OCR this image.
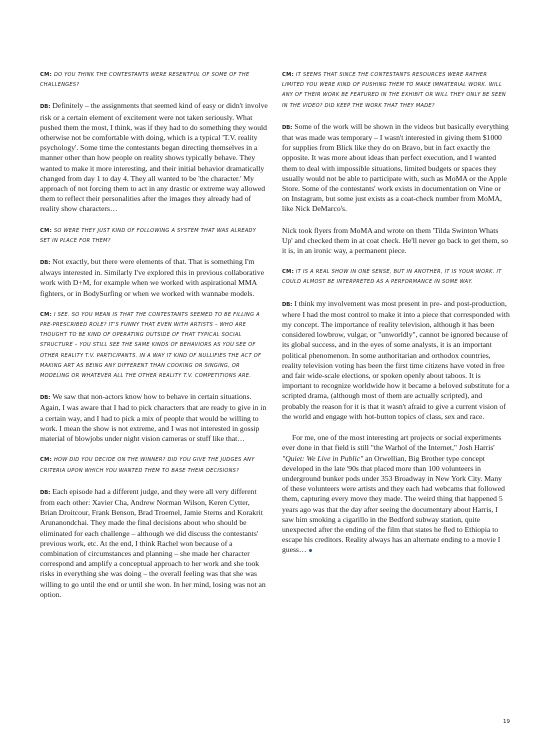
CM: DO YOU THINK THE CONTESTANTS WERE RESENTFUL OF SOME OF THE CHALLENGES?

DB: Definitely – the assignments that seemed kind of easy or didn't involve risk or a certain element of excitement were not taken seriously. What pushed them the most, I think, was if they had to do something they would otherwise not be comfortable with doing, which is a typical 'T.V. reality psychology'. Some time the contestants began directing themselves in a manner other than how people on reality shows typically behave. They wanted to make it more interesting, and their initial behavior dramatically changed from day 1 to day 4. They all wanted to be 'the character.' My approach of not forcing them to act in any drastic or extreme way allowed them to reflect their personalities after the images they already had of reality show characters…

CM: SO WERE THEY JUST KIND OF FOLLOWING A SYSTEM THAT WAS ALREADY SET IN PLACE FOR THEM?

DB: Not exactly, but there were elements of that. That is something I'm always interested in. Similarly I've explored this in previous collaborative work with D+M, for example when we worked with aspirational MMA fighters, or in BodySurfing or when we worked with wannabe models.

CM: I SEE. SO YOU MEAN IS THAT THE CONTESTANTS SEEMED TO BE FILLING A PRE-PRESCRIBED ROLE? IT'S FUNNY THAT EVEN WITH ARTISTS – WHO ARE THOUGHT TO BE KIND OF OPERATING OUTSIDE OF THAT TYPICAL SOCIAL STRUCTURE – YOU STILL SEE THE SAME KINDS OF BEHAVIORS AS YOU SEE OF OTHER REALITY T.V. PARTICIPANTS. IN A WAY IT KIND OF NULLIFIES THE ACT OF MAKING ART AS BEING ANY DIFFERENT THAN COOKING OR SINGING, OR MODELING OR WHATEVER ALL THE OTHER REALITY T.V. COMPETITIONS ARE.

DB: We saw that non-actors know how to behave in certain situations. Again, I was aware that I had to pick characters that are ready to give in in a certain way, and I had to pick a mix of people that would be willing to work. I mean the show is not extreme, and I was not interested in gossip material of blowjobs under night vision cameras or stuff like that…

CM: HOW DID YOU DECIDE ON THE WINNER? DID YOU GIVE THE JUDGES ANY CRITERIA UPON WHICH YOU WANTED THEM TO BASE THEIR DECISIONS?

DB: Each episode had a different judge, and they were all very different from each other: Xavier Cha, Andrew Norman Wilson, Keren Cytter, Brian Droitcour, Frank Benson, Brad Troemel, Jamie Sterns and Korakrit Arunanondchai. They made the final decisions about who should be eliminated for each challenge – although we did discuss the contestants' previous work, etc. At the end, I think Rachel won because of a combination of circumstances and planning – she made her character correspond and amplify a conceptual approach to her work and she took risks in everything she was doing – the overall feeling was that she was willing to go until the end or until she won. In her mind, losing was not an option.

CM: IT SEEMS THAT SINCE THE CONTESTANTS RESOURCES WERE RATHER LIMITED YOU WERE KIND OF PUSHING THEM TO MAKE IMMATERIAL WORK. WILL ANY OF THEIR WORK BE FEATURED IN THE EXHIBIT OR WILL THEY ONLY BE SEEN IN THE VIDEO? DID KEEP THE WORK THAT THEY MADE?

DB: Some of the work will be shown in the videos but basically everything that was made was temporary – I wasn't interested in giving them $1000 for supplies from Blick like they do on Bravo, but in fact exactly the opposite. It was more about ideas than perfect execution, and I wanted them to deal with impossible situations, limited budgets or spaces they usually would not be able to participate with, such as MoMA or the Apple Store. Some of the contestants' work exists in documentation on Vine or on Instagram, but some just exists as a coat-check number from MoMA, like Nick DeMarco's.

Nick took flyers from MoMA and wrote on them 'Tilda Swinton Whats Up' and checked them in at coat check. He'll never go back to get them, so it is, in an ironic way, a permanent piece.

CM: IT IS A REAL SHOW IN ONE SENSE, BUT IN ANOTHER, IT IS YOUR WORK. IT COULD ALMOST BE INTERPRETED AS A PERFORMANCE IN SOME WAY.

DB: I think my involvement was most present in pre- and post-production, where I had the most control to make it into a piece that corresponded with my concept. The importance of reality television, although it has been considered lowbrow, vulgar, or "unworldly", cannot be ignored because of its global success, and in the eyes of some analysts, it is an important political phenomenon. In some authoritarian and orthodox countries, reality television voting has been the first time citizens have voted in free and fair wide-scale elections, or spoken openly about taboos. It is important to recognize worldwide how it became a beloved substitute for a scripted drama, (although most of them are actually scripted), and probably the reason for it is that it wasn't afraid to give a current vision of the world and engage with hot-button topics of class, sex and race.

For me, one of the most interesting art projects or social experiments ever done in that field is still "the Warhol of the Internet," Josh Harris' "Quiet: We Live in Public" an Orwellian, Big Brother type concept developed in the late '90s that placed more than 100 volunteers in underground bunker pods under 353 Broadway in New York City. Many of these volunteers were artists and they each had webcams that followed them, capturing every move they made. The weird thing that happened 5 years ago was that the day after seeing the documentary about Harris, I saw him smoking a cigarillo in the Bedford subway station, quite unexpected after the ending of the film that states he fled to Ethiopia to escape his creditors. Reality always has an alternate ending to a movie I guess…

19
